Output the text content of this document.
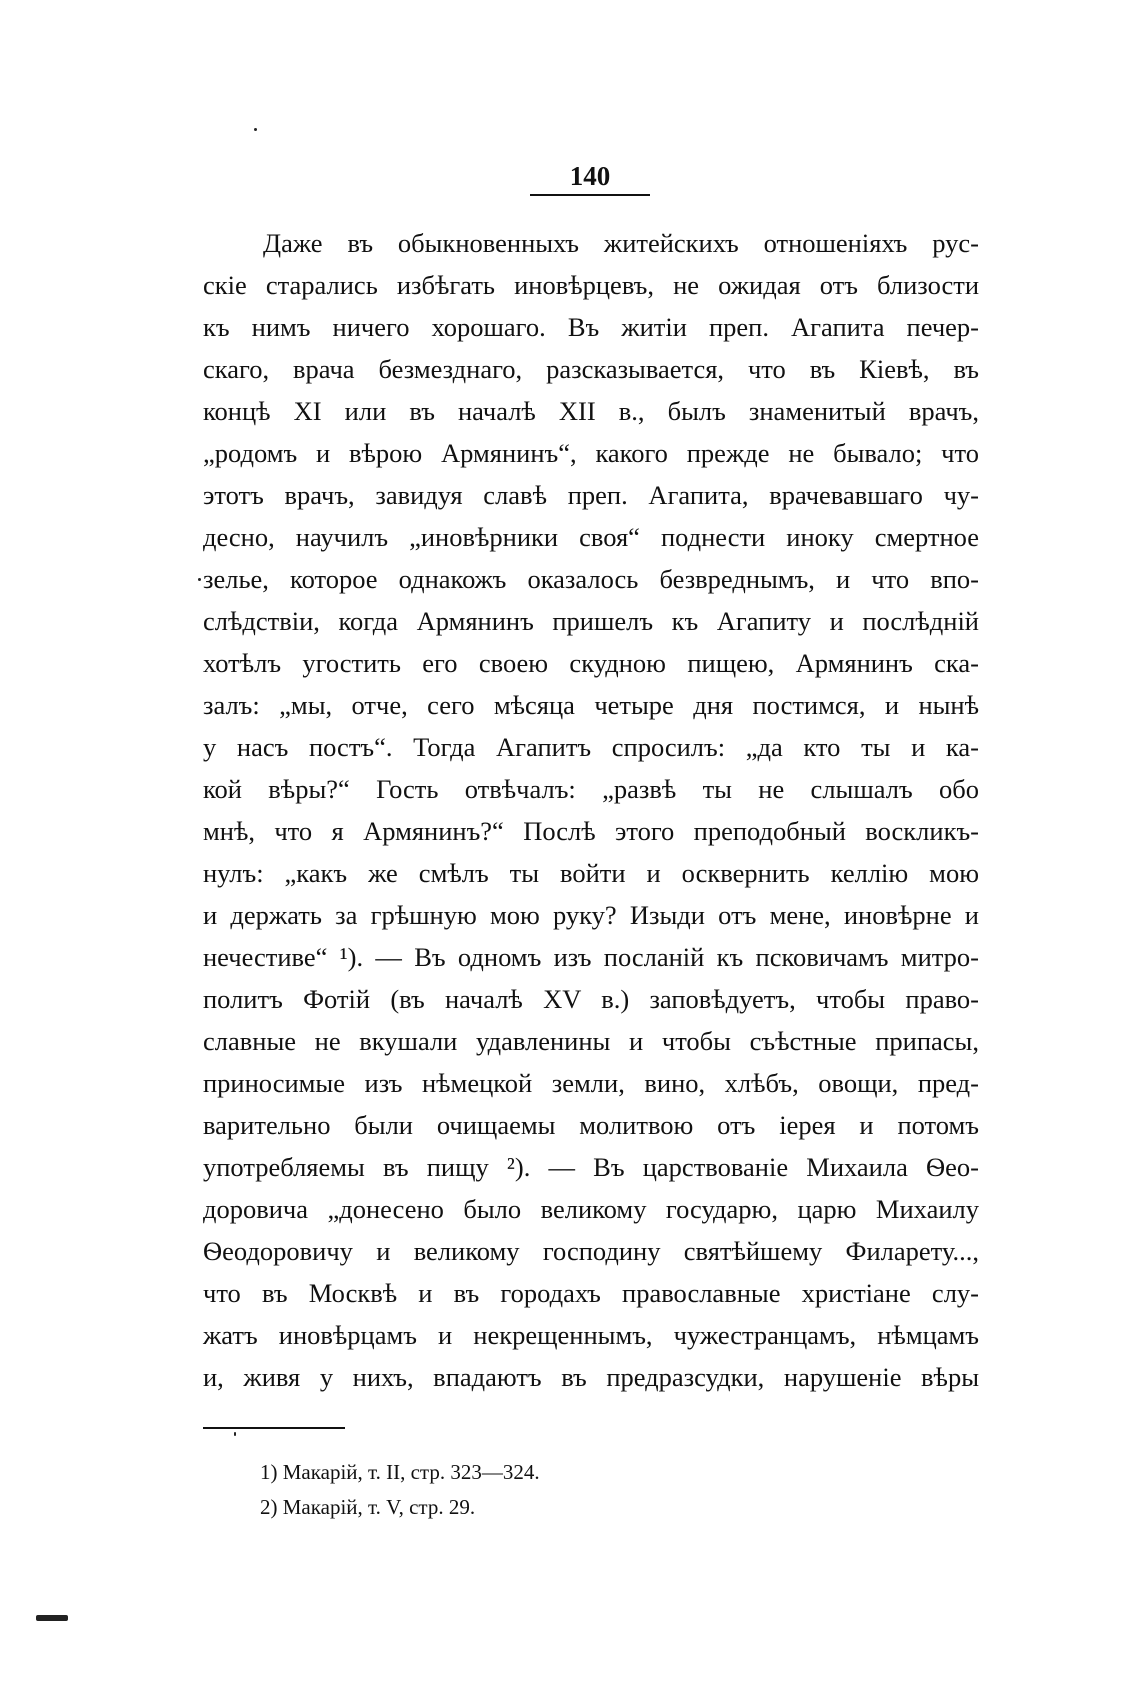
140
Даже въ обыкновенныхъ житейскихъ отношеніяхъ рус-
скіе старались избѣгать иновѣрцевъ, не ожидая отъ близости
къ нимъ ничего хорошаго. Въ житіи преп. Агапита печер-
скаго, врача безмезднаго, разсказывается, что въ Кіевѣ, въ
концѣ XI или въ началѣ XII в., былъ знаменитый врачъ,
„родомъ и вѣрою Армянинъ“, какого прежде не бывало; что
этотъ врачъ, завидуя славѣ преп. Агапита, врачевавшаго чу-
десно, научилъ „иновѣрники своя“ поднести иноку смертное
зелье, которое однакожъ оказалось безвреднымъ, и что впо-
слѣдствіи, когда Армянинъ пришелъ къ Агапиту и послѣдній
хотѣлъ угостить его своею скудною пищею, Армянинъ ска-
залъ: „мы, отче, сего мѣсяца четыре дня постимся, и нынѣ
у насъ постъ“. Тогда Агапитъ спросилъ: „да кто ты и ка-
кой вѣры?“ Гость отвѣчалъ: „развѣ ты не слышалъ обо
мнѣ, что я Армянинъ?“ Послѣ этого преподобный воскликъ-
нулъ: „какъ же смѣлъ ты войти и осквернить келлію мою
и держать за грѣшную мою руку? Изыди отъ мене, иновѣрне и
нечестиве“ ¹). — Въ одномъ изъ посланій къ псковичамъ митро-
политъ Фотій (въ началѣ XV в.) заповѣдуетъ, чтобы право-
славные не вкушали удавленины и чтобы съѣстные припасы,
приносимые изъ нѣмецкой земли, вино, хлѣбъ, овощи, пред-
варительно были очищаемы молитвою отъ іерея и потомъ
употребляемы въ пищу ²). — Въ царствованіе Михаила Ѳео-
доровича „донесено было великому государю, царю Михаилу
Ѳеодоровичу и великому господину святѣйшему Филарету...,
что въ Москвѣ и въ городахъ православные христіане слу-
жатъ иновѣрцамъ и некрещеннымъ, чужестранцамъ, нѣмцамъ
и, живя у нихъ, впадаютъ въ предразсудки, нарушеніе вѣры
1) Макарій, т. II, стр. 323—324.
2) Макарій, т. V, стр. 29.
